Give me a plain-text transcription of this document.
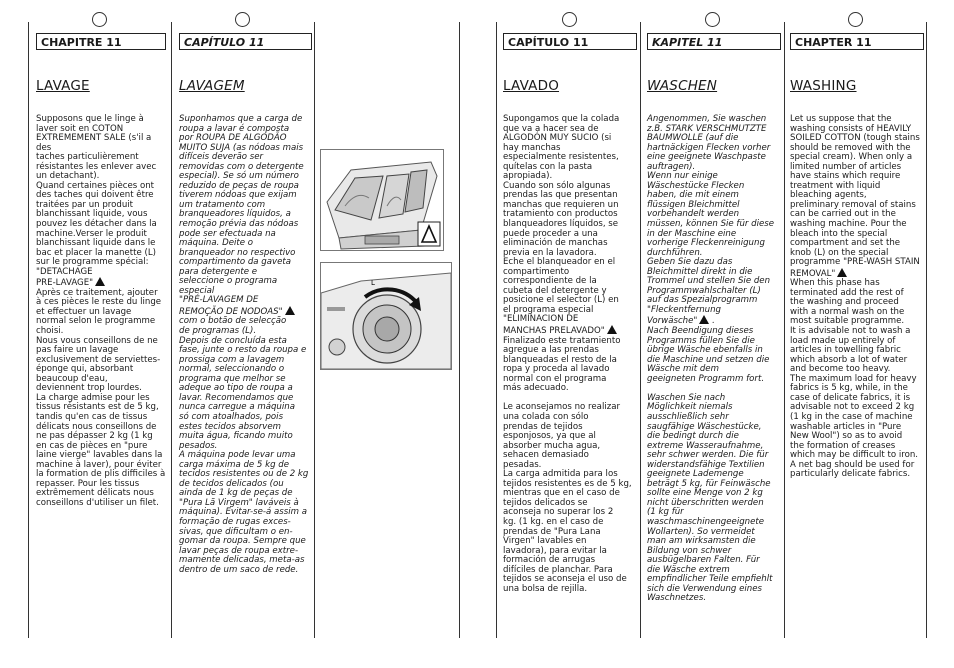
CHAPITRE 11
LAVAGE
Supposons que le linge à
laver soit en COTON
EXTREMEMENT SALE (s'il a des
taches particulièrement
résistantes les enlever avec
un detachant).
Quand certaines pièces ont
des taches qui doivent être
traitées par un produit
blanchissant liquide, vous
pouvez les détacher dans la
machine.Verser le produit
blanchissant liquide dans le
bac et placer la manette (L)
sur le programme spécial:
"DETACHAGE
PRE-LAVAGE"
Après ce traitement, ajouter
à ces pièces le reste du linge
et effectuer un lavage
normal selon le programme
choisi.
Nous vous conseillons de ne
pas faire un lavage
exclusivement de serviettes-
éponge qui, absorbant
beaucoup d'eau,
deviennent trop lourdes.
La charge admise pour les
tissus résistants est de 5 kg,
tandis qu'en cas de tissus
délicats nous conseillons de
ne pas dépasser 2 kg (1 kg
en cas de pièces en "pure
laine vierge" lavables dans la
machine à laver), pour éviter
la formation de plis difficiles à
repasser. Pour les tissus
extrêmement délicats nous
conseillons d'utiliser un filet.
CAPÍTULO 11
LAVAGEM
Suponhamos que a carga de
roupa a lavar é composta
por ROUPA DE ALGODÃO
MUITO SUJA (as nódoas mais
difíceis deverão ser
removidas com o detergente
especial). Se só um número
reduzido de peças de roupa
tiverem nódoas que exijam
um tratamento com
branqueadores líquidos, a
remoção prévia das nódoas
pode ser efectuada na
máquina. Deite o
branqueador no respectivo
compartimento da gaveta
para detergente e
seleccione o programa
especial
"PRÉ-LAVAGEM DE
REMOÇÃO DE NODOAS"
com o botão de selecção
de programas (L).
Depois de concluída esta
fase, junte o resto da roupa e
prossiga com a lavagem
normal, seleccionando o
programa que melhor se
adeque ao tipo de roupa a
lavar. Recomendamos que
nunca carregue a máquina
só com atoalhados, pois
estes tecidos absorvem
muita água, ficando muito
pesados.
A máquina pode levar uma
carga máxima de 5 kg de
tecidos resistentes ou de 2 kg
de tecidos delicados (ou
ainda de 1 kg de peças de
"Pura Lã Virgem" laváveis à
máquina). Evitar-se-á assim a
formação de rugas exces-
sivas, que dificultam o en-
gomar da roupa. Sempre que
lavar peças de roupa extre-
mamente delicadas, meta-as
dentro de um saco de rede.
CAPÍTULO 11
LAVADO
Supongamos que la colada
que va a hacer sea de
ALGODÓN MUY SUCIO (si
hay manchas
especialmente resistentes,
quítelas con la pasta
apropiada).
Cuando son sólo algunas
prendas las que presentan
manchas que requieren un
tratamiento con productos
blanqueadores líquidos, se
puede proceder a una
eliminación de manchas
previa en la lavadora.
Eche el blanqueador en el
compartimento
correspondiente de la
cubeta del detergente y
posicione el selector (L) en
el programa especial
"ELIMINACION DE
MANCHAS PRELAVADO"
Finalizado este tratamiento
agregue a las prendas
blanqueadas el resto de la
ropa y proceda al lavado
normal con el programa
más adecuado.

Le aconsejamos no realizar
una colada con sólo
prendas de tejidos
esponjosos, ya que al
absorber mucha agua,
sehacen demasiado
pesadas.
La carga admitida para los
tejidos resistentes es de 5 kg,
mientras que en el caso de
tejidos delicados se
aconseja no superar los 2
kg. (1 kg. en el caso de
prendas de "Pura Lana
Virgen" lavables en
lavadora), para evitar la
formación de arrugas
difíciles de planchar. Para
tejidos se aconseja el uso de
una bolsa de rejilla.
KAPITEL 11
WASCHEN
Angenommen, Sie waschen
z.B. STARK VERSCHMUTZTE
BAUMWOLLE (auf die
hartnäckigen Flecken vorher
eine geeignete Waschpaste
auftragen).
Wenn nur einige
Wäschestücke Flecken
haben, die mit einem
flüssigen Bleichmittel
vorbehandelt werden
müssen, können Sie für diese
in der Maschine eine
vorherige Fleckenreinigung
durchführen.
Geben Sie dazu das
Bleichmittel direkt in die
Trommel und stellen Sie den
Programmwahlschalter (L)
auf das Spezialprogramm
"Fleckentfernung
Vorwäsche" .
Nach Beendigung dieses
Programms füllen Sie die
übrige Wäsche ebenfalls in
die Maschine und setzen die
Wäsche mit dem
geeigneten Programm fort.

Waschen Sie nach
Möglichkeit niemals
ausschließlich sehr
saugfähige Wäschestücke,
die bedingt durch die
extreme Wasseraufnahme,
sehr schwer werden. Die für
widerstandsfähige Textilien
geeignete Lademenge
beträgt 5 kg, für Feinwäsche
sollte eine Menge von 2 kg
nicht überschritten werden
(1 kg für
waschmaschinengeeignete
Wollarten). So vermeidet
man am wirksamsten die
Bildung von schwer
ausbügelbaren Falten. Für
die Wäsche extrem
empfindlicher Teile empfiehlt
sich die Verwendung eines
Waschnetzes.
CHAPTER 11
WASHING
Let us suppose that the
washing consists of HEAVILY
SOILED COTTON (tough stains
should be removed with the
special cream). When only a
limited number of articles
have stains which require
treatment with liquid
bleaching agents,
preliminary removal of stains
can be carried out in the
washing machine. Pour the
bleach into the special
compartment and set the
knob (L) on the special
programme "PRE-WASH STAIN
REMOVAL"
When this phase has
terminated add the rest of
the washing and proceed
with a normal wash on the
most suitable programme.
It is advisable not to wash a
load made up entirely of
articles in towelling fabric
which absorb a lot of water
and become too heavy.
The maximum load for heavy
fabrics is 5 kg, while, in the
case of delicate fabrics, it is
advisable not to exceed 2 kg
(1 kg in the case of machine
washable articles in "Pure
New Wool") so as to avoid
the formation of creases
which may be difficult to iron.
A net bag should be used for
particularly delicate fabrics.
L
